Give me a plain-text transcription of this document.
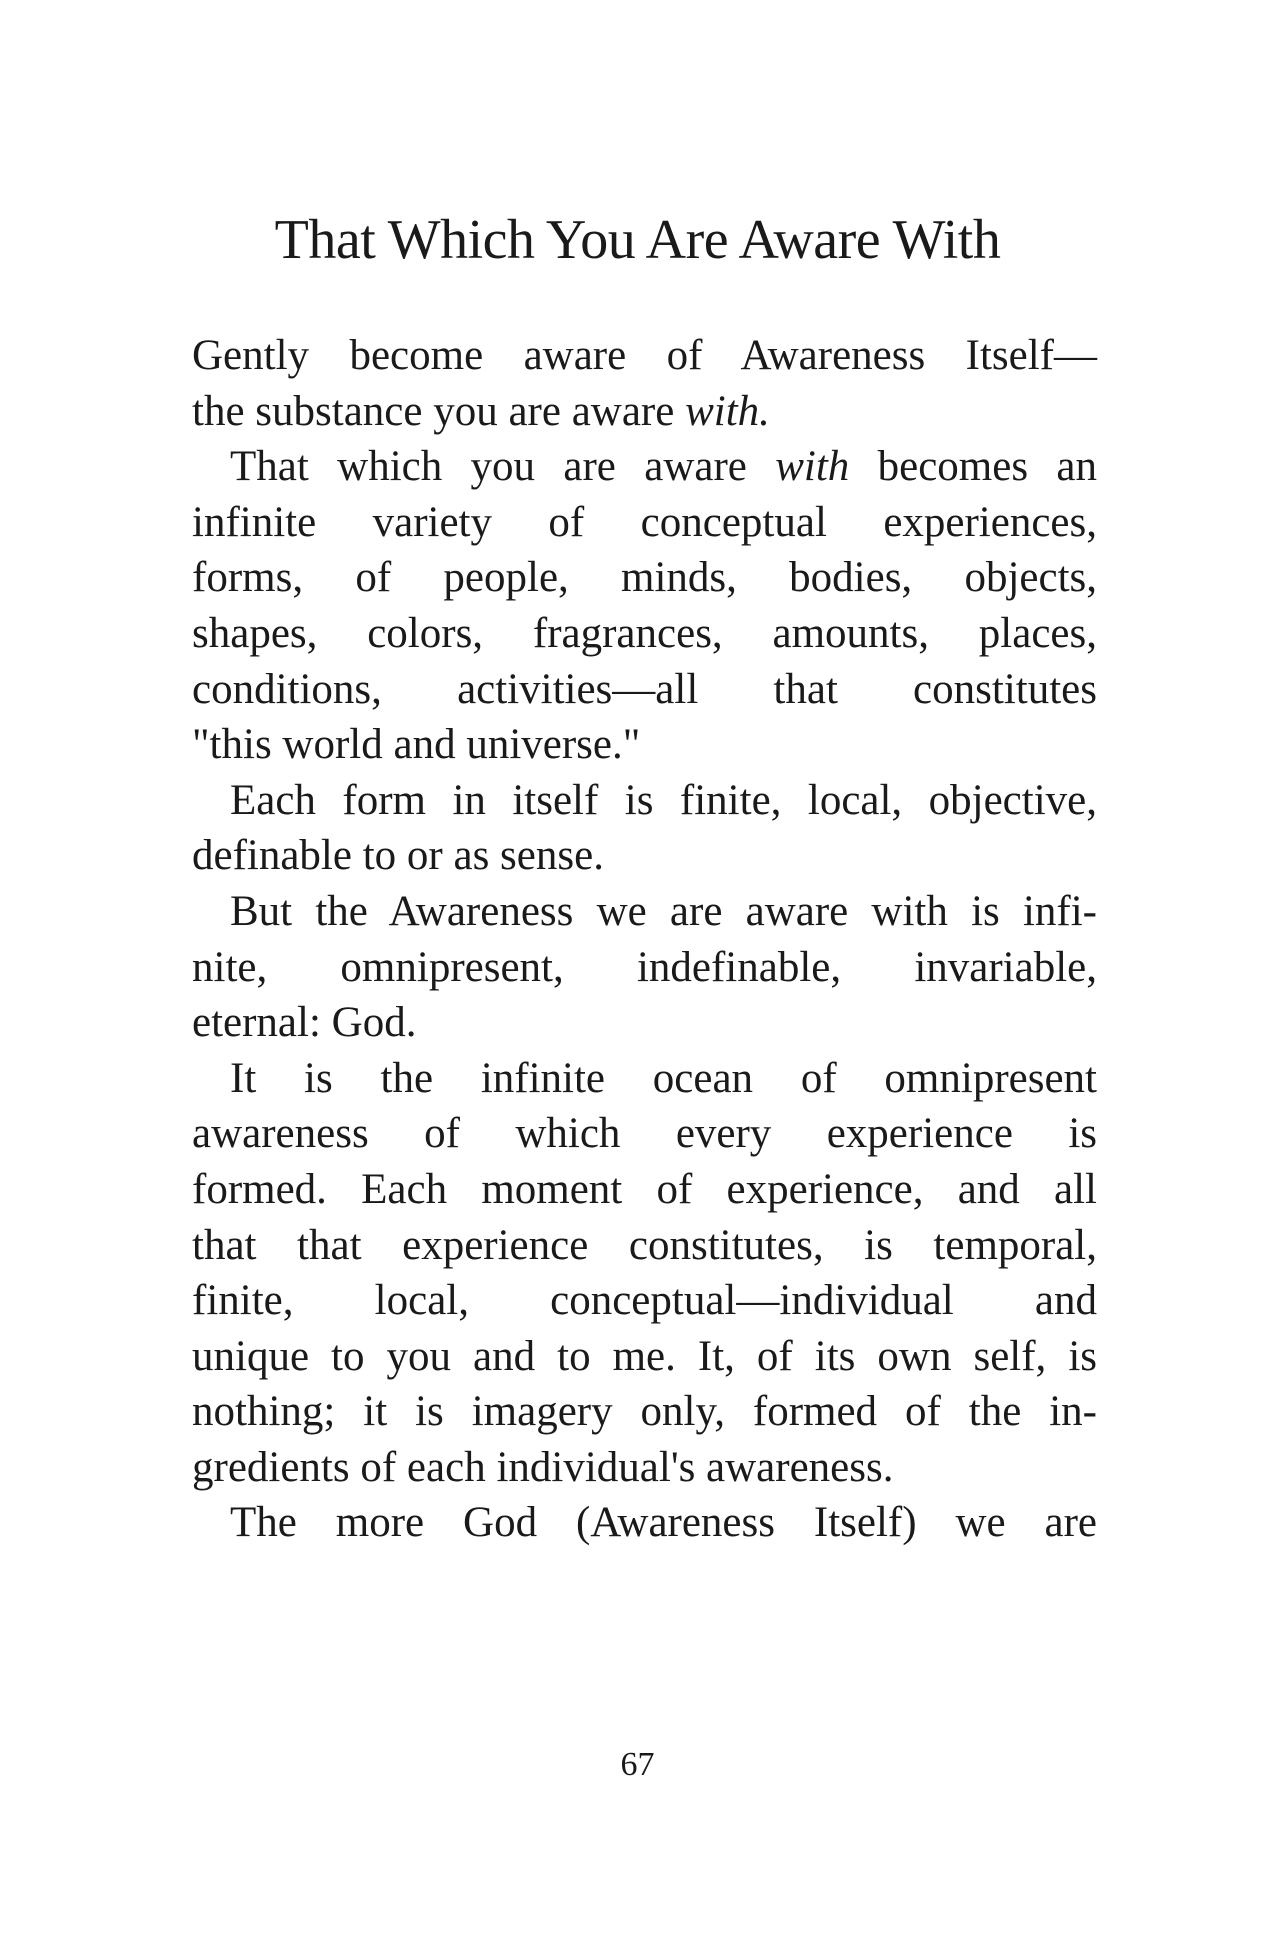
That Which You Are Aware With
Gently become aware of Awareness Itself—
the substance you are aware with.
That which you are aware with becomes an
infinite variety of conceptual experiences,
forms, of people, minds, bodies, objects,
shapes, colors, fragrances, amounts, places,
conditions, activities—all that constitutes
"this world and universe."
Each form in itself is finite, local, objective,
definable to or as sense.
But the Awareness we are aware with is infi-
nite, omnipresent, indefinable, invariable,
eternal: God.
It is the infinite ocean of omnipresent
awareness of which every experience is
formed. Each moment of experience, and all
that that experience constitutes, is temporal,
finite, local, conceptual—individual and
unique to you and to me. It, of its own self, is
nothing; it is imagery only, formed of the in-
gredients of each individual's awareness.
The more God (Awareness Itself) we are
67
